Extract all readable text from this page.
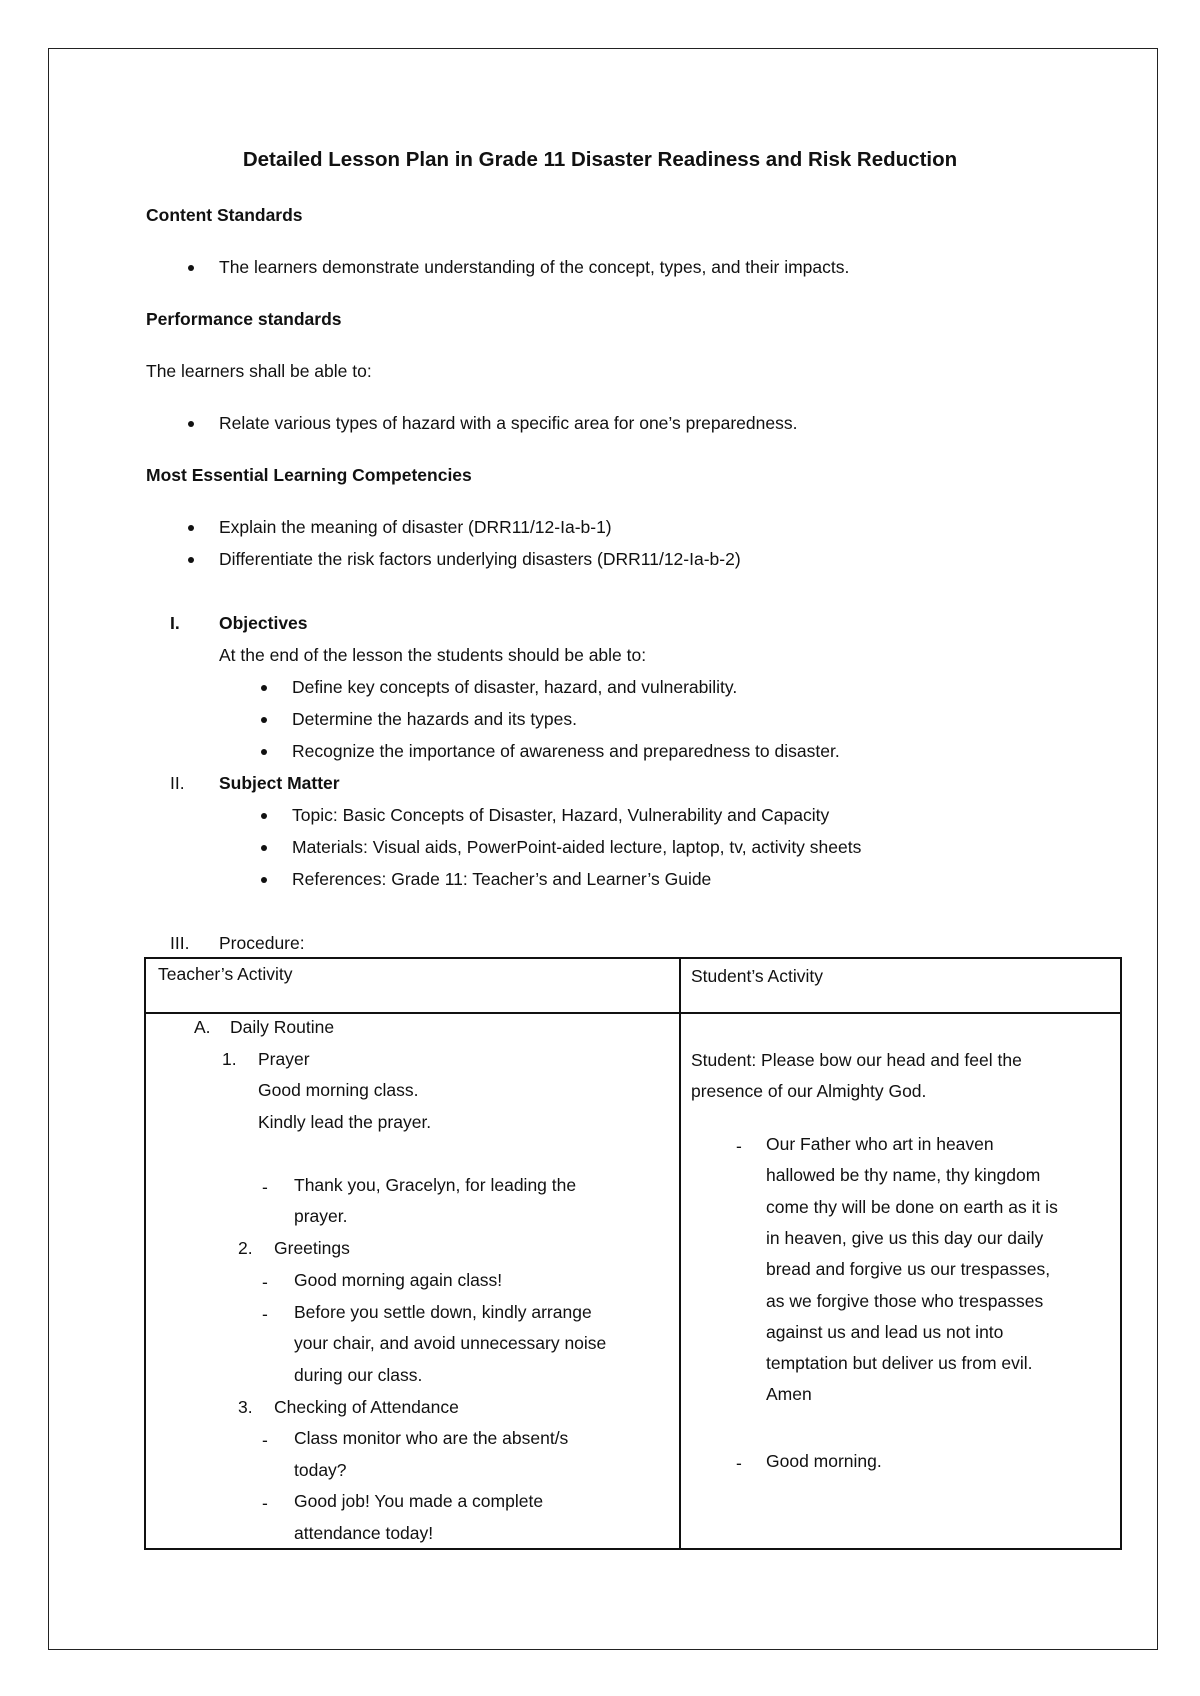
Detailed Lesson Plan in Grade 11 Disaster Readiness and Risk Reduction
Content Standards
The learners demonstrate understanding of the concept, types, and their impacts.
Performance standards
The learners shall be able to:
Relate various types of hazard with a specific area for one’s preparedness.
Most Essential Learning Competencies
Explain the meaning of disaster (DRR11/12-Ia-b-1)
Differentiate the risk factors underlying disasters (DRR11/12-Ia-b-2)
I. Objectives
At the end of the lesson the students should be able to:
Define key concepts of disaster, hazard, and vulnerability.
Determine the hazards and its types.
Recognize the importance of awareness and preparedness to disaster.
II. Subject Matter
Topic: Basic Concepts of Disaster, Hazard, Vulnerability and Capacity
Materials: Visual aids, PowerPoint-aided lecture, laptop, tv, activity sheets
References: Grade 11: Teacher’s and Learner’s Guide
III. Procedure:
Teacher’s Activity	Student’s Activity
A. Daily Routine
1. Prayer
Good morning class.
Kindly lead the prayer.
- Thank you, Gracelyn, for leading the
prayer.
2. Greetings
- Good morning again class!
- Before you settle down, kindly arrange
your chair, and avoid unnecessary noise
during our class.
3. Checking of Attendance
- Class monitor who are the absent/s
today?
- Good job! You made a complete
attendance today!
Student: Please bow our head and feel the
presence of our Almighty God.
- Our Father who art in heaven
hallowed be thy name, thy kingdom
come thy will be done on earth as it is
in heaven, give us this day our daily
bread and forgive us our trespasses,
as we forgive those who trespasses
against us and lead us not into
temptation but deliver us from evil.
Amen
- Good morning.
